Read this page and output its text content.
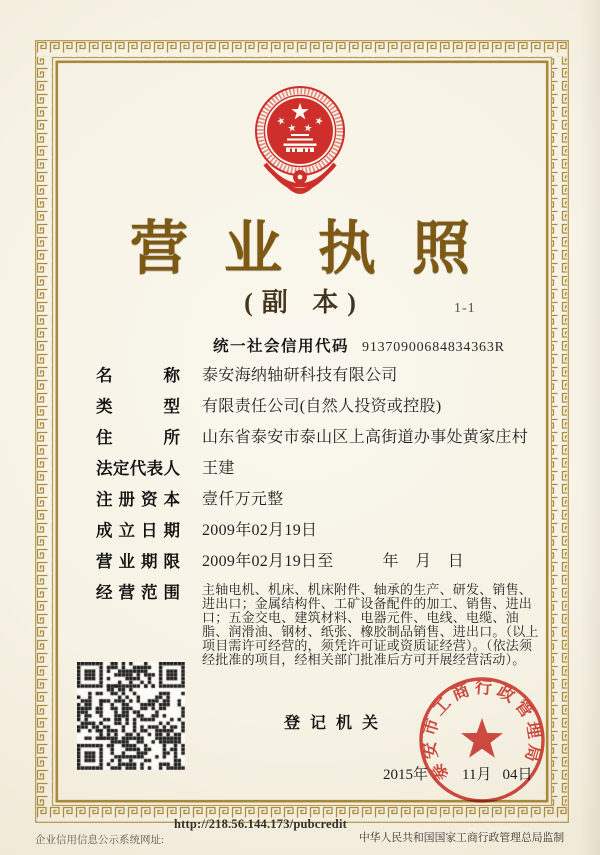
营业执照
(副 本)	1-1
统一社会信用代码 91370900684834363R
名称 泰安海纳轴研科技有限公司
类型 有限责任公司(自然人投资或控股)
住所 山东省泰安市泰山区上高街道办事处黄家庄村
法定代表人 王建
注册资本 壹仟万元整
成立日期 2009年02月19日
营业期限 2009年02月19日至　　　年　月　日
经营范围 主轴电机、机床、机床附件、轴承的生产、研发、销售、进出口；金属结构件、工矿设备配件的加工、销售、进出口；五金交电、建筑材料、电器元件、电线、电缆、油脂、润滑油、钢材、纸张、橡胶制品销售、进出口。（以上项目需许可经营的，须凭许可证或资质证经营）。（依法须经批准的项目，经相关部门批准后方可开展经营活动）。
登记机关
2015年 11月 04日
泰安市工商行政管理局
http://218.56.144.173/pubcredit
企业信用信息公示系统网址:	中华人民共和国国家工商行政管理总局监制
